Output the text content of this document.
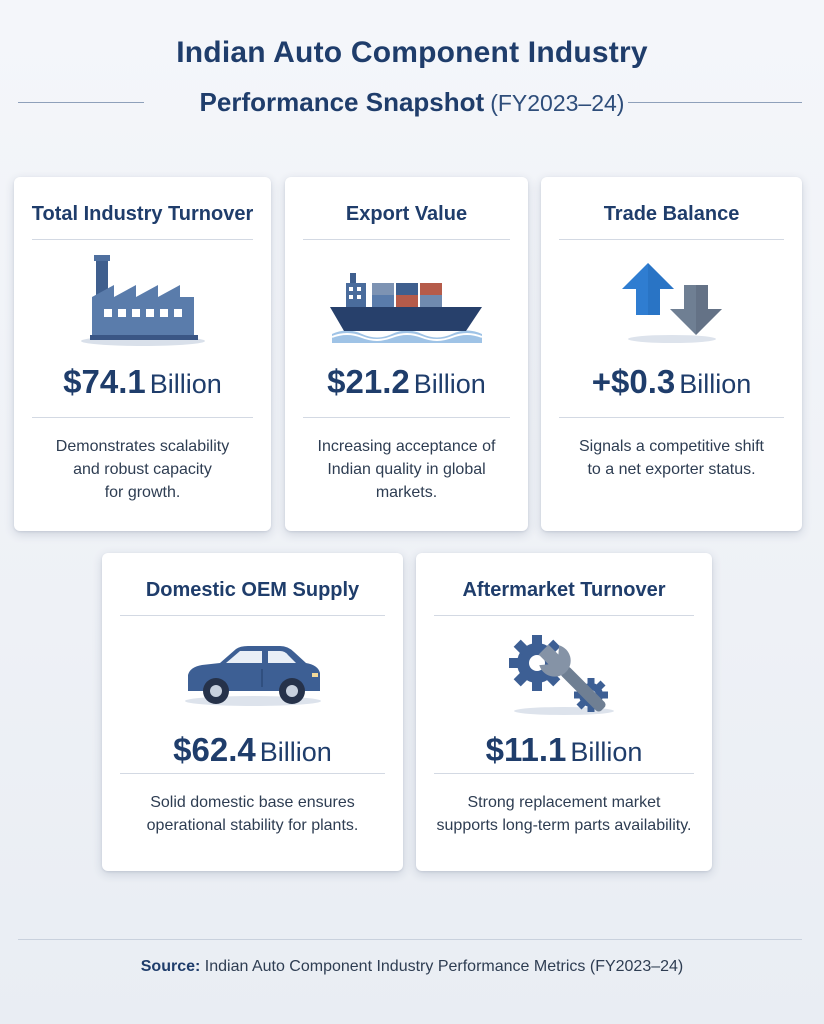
Indian Auto Component Industry
Performance Snapshot (FY2023–24)
Total Industry Turnover
$74.1 Billion
Demonstrates scalability
and robust capacity
for growth.
Export Value
$21.2 Billion
Increasing acceptance of
Indian quality in global markets.
Trade Balance
+$0.3 Billion
Signals a competitive shift
to a net exporter status.
Domestic OEM Supply
$62.4 Billion
Solid domestic base ensures
operational stability for plants.
Aftermarket Turnover
$11.1 Billion
Strong replacement market
supports long-term parts availability.
Source: Indian Auto Component Industry Performance Metrics (FY2023–24)
